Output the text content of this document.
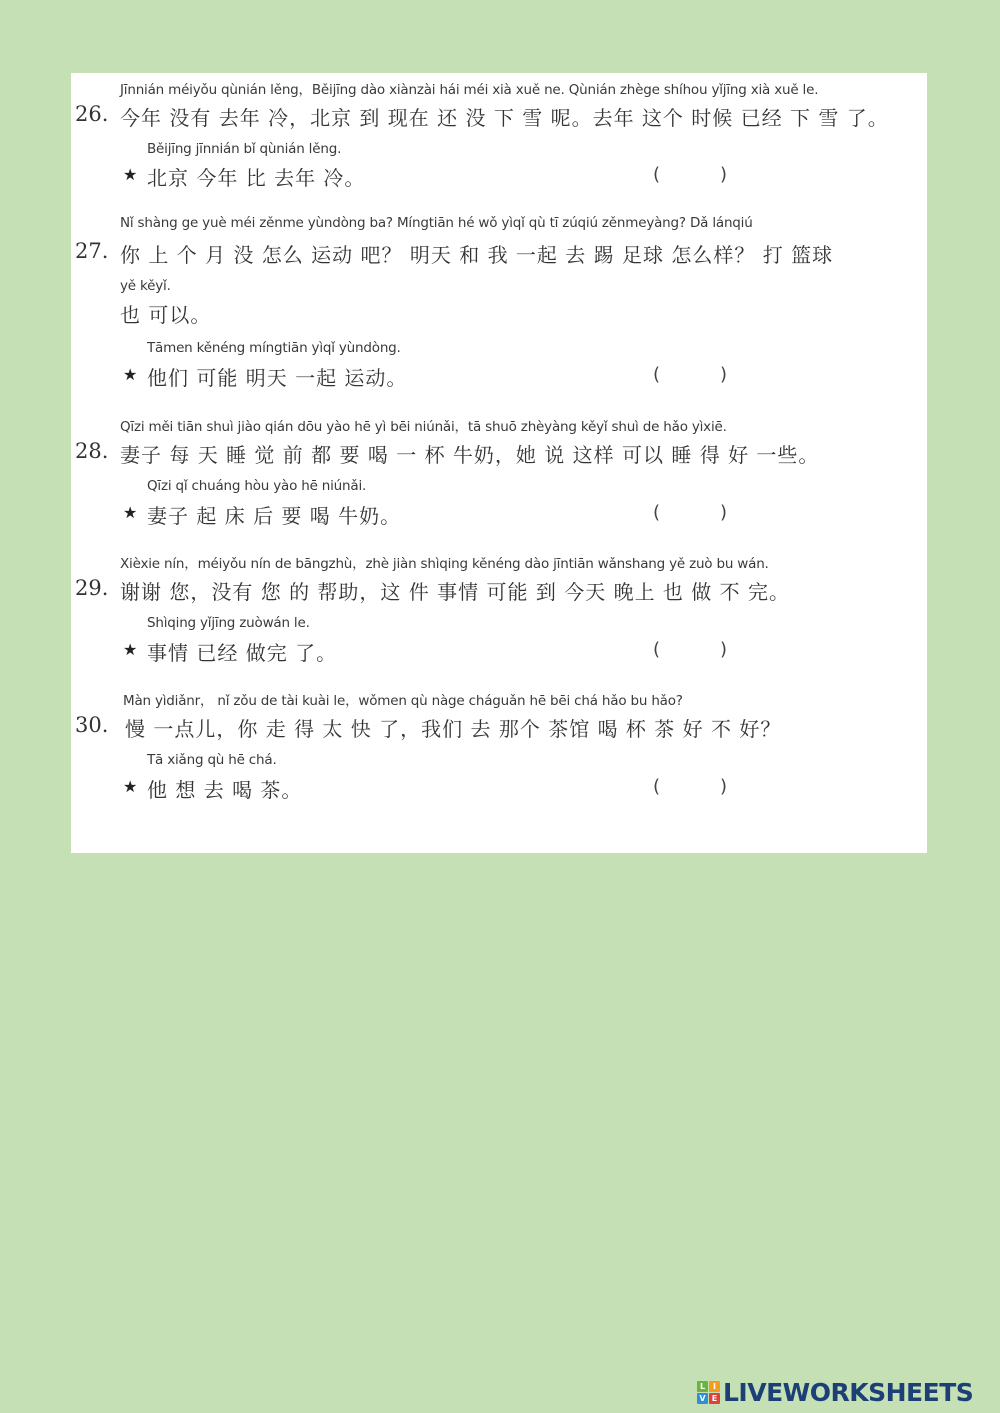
Jīnnián méiyǒu qùnián lěng，Běijīng dào xiànzài hái méi xià xuě ne. Qùnián zhège shíhou yǐjīng xià xuě le.
26. 今年 没有 去年 冷，北京 到 现在 还 没 下 雪 呢。去年 这个 时候 已经 下 雪 了。
Běijīng jīnnián bǐ qùnián lěng.
★ 北京 今年 比 去年 冷。	(	)
Nǐ shàng ge yuè méi zěnme yùndòng ba? Míngtiān hé wǒ yìqǐ qù tī zúqiú zěnmeyàng? Dǎ lánqiú
27. 你 上 个 月 没 怎么 运动 吧？ 明天 和 我 一起 去 踢 足球 怎么样？ 打 篮球
yě kěyǐ.
也 可以。
Tāmen kěnéng míngtiān yìqǐ yùndòng.
★ 他们 可能 明天 一起 运动。	(	)
Qīzi měi tiān shuì jiào qián dōu yào hē yì bēi niúnǎi，tā shuō zhèyàng kěyǐ shuì de hǎo yìxiē.
28. 妻子 每 天 睡 觉 前 都 要 喝 一 杯 牛奶，她 说 这样 可以 睡 得 好 一些。
Qīzi qǐ chuáng hòu yào hē niúnǎi.
★ 妻子 起 床 后 要 喝 牛奶。	(	)
Xièxie nín，méiyǒu nín de bāngzhù，zhè jiàn shìqing kěnéng dào jīntiān wǎnshang yě zuò bu wán.
29. 谢谢 您，没有 您 的 帮助，这 件 事情 可能 到 今天 晚上 也 做 不 完。
Shìqing yǐjīng zuòwán le.
★ 事情 已经 做完 了。	(	)
Màn yìdiǎnr， nǐ zǒu de tài kuài le，wǒmen qù nàge cháguǎn hē bēi chá hǎo bu hǎo?
30. 慢 一点儿，你 走 得 太 快 了，我们 去 那个 茶馆 喝 杯 茶 好 不 好？
Tā xiǎng qù hē chá.
★ 他 想 去 喝 茶。	(	)
L I
V E LIVEWORKSHEETS
